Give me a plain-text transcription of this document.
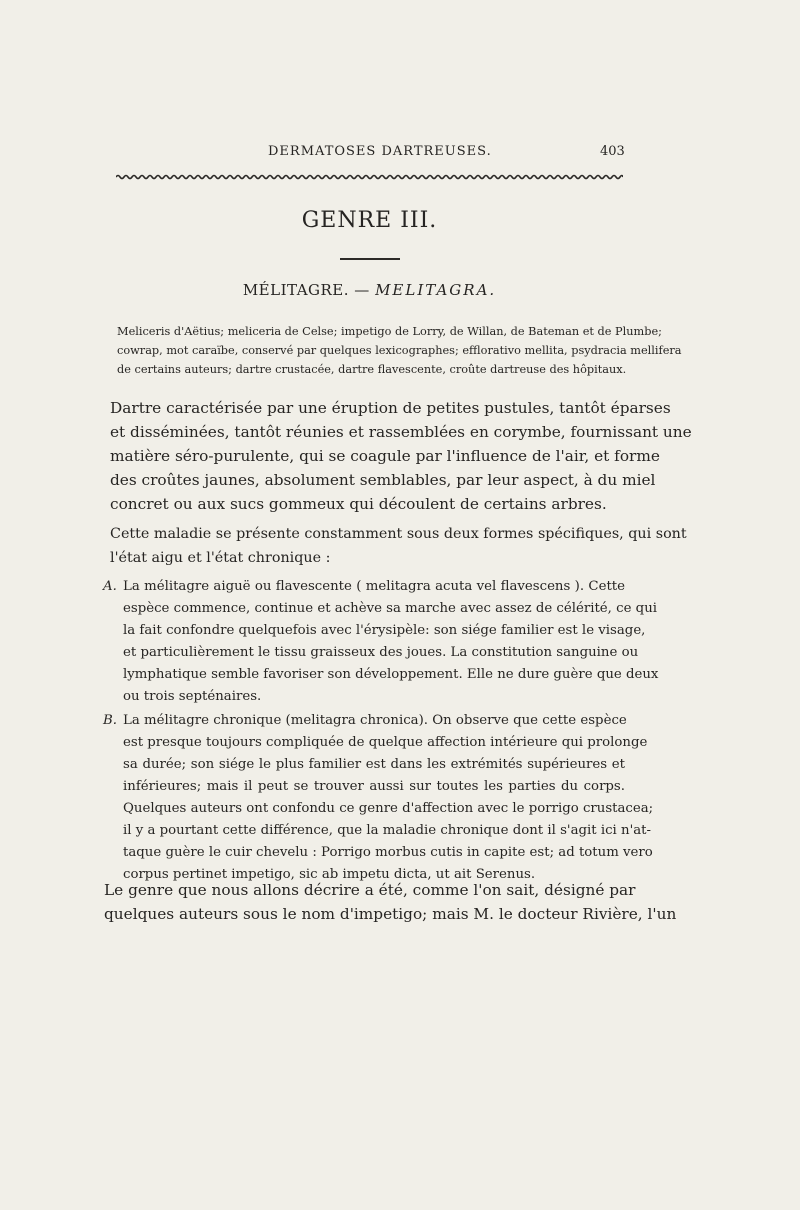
DERMATOSES DARTREUSES.	403
GENRE III.
MÉLITAGRE. — MELITAGRA.
Meliceris d'Aëtius; meliceria de Celse; impetigo de Lorry, de Willan, de Bateman et de Plumbe;
cowrap, mot caraïbe, conservé par quelques lexicographes; efflorativo mellita, psydracia mellifera
de certains auteurs; dartre crustacée, dartre flavescente, croûte dartreuse des hôpitaux.
Dartre caractérisée par une éruption de petites pustules, tantôt éparses
et disséminées, tantôt réunies et rassemblées en corymbe, fournissant une
matière séro-purulente, qui se coagule par l'influence de l'air, et forme
des croûtes jaunes, absolument semblables, par leur aspect, à du miel
concret ou aux sucs gommeux qui découlent de certains arbres.
Cette maladie se présente constamment sous deux formes spécifiques, qui sont
l'état aigu et l'état chronique :
A. La mélitagre aiguë ou flavescente ( melitagra acuta vel flavescens ). Cette
espèce commence, continue et achève sa marche avec assez de célérité, ce qui
la fait confondre quelquefois avec l'érysipèle: son siége familier est le visage,
et particulièrement le tissu graisseux des joues. La constitution sanguine ou
lymphatique semble favoriser son développement. Elle ne dure guère que deux
ou trois septénaires.
B. La mélitagre chronique (melitagra chronica). On observe que cette espèce
est presque toujours compliquée de quelque affection intérieure qui prolonge
sa durée; son siége le plus familier est dans les extrémités supérieures et
inférieures; mais il peut se trouver aussi sur toutes les parties du corps.
Quelques auteurs ont confondu ce genre d'affection avec le porrigo crustacea;
il y a pourtant cette différence, que la maladie chronique dont il s'agit ici n'at-
taque guère le cuir chevelu : Porrigo morbus cutis in capite est; ad totum vero
corpus pertinet impetigo, sic ab impetu dicta, ut ait Serenus.
Le genre que nous allons décrire a été, comme l'on sait, désigné par
quelques auteurs sous le nom d'impetigo; mais M. le docteur Rivière, l'un
